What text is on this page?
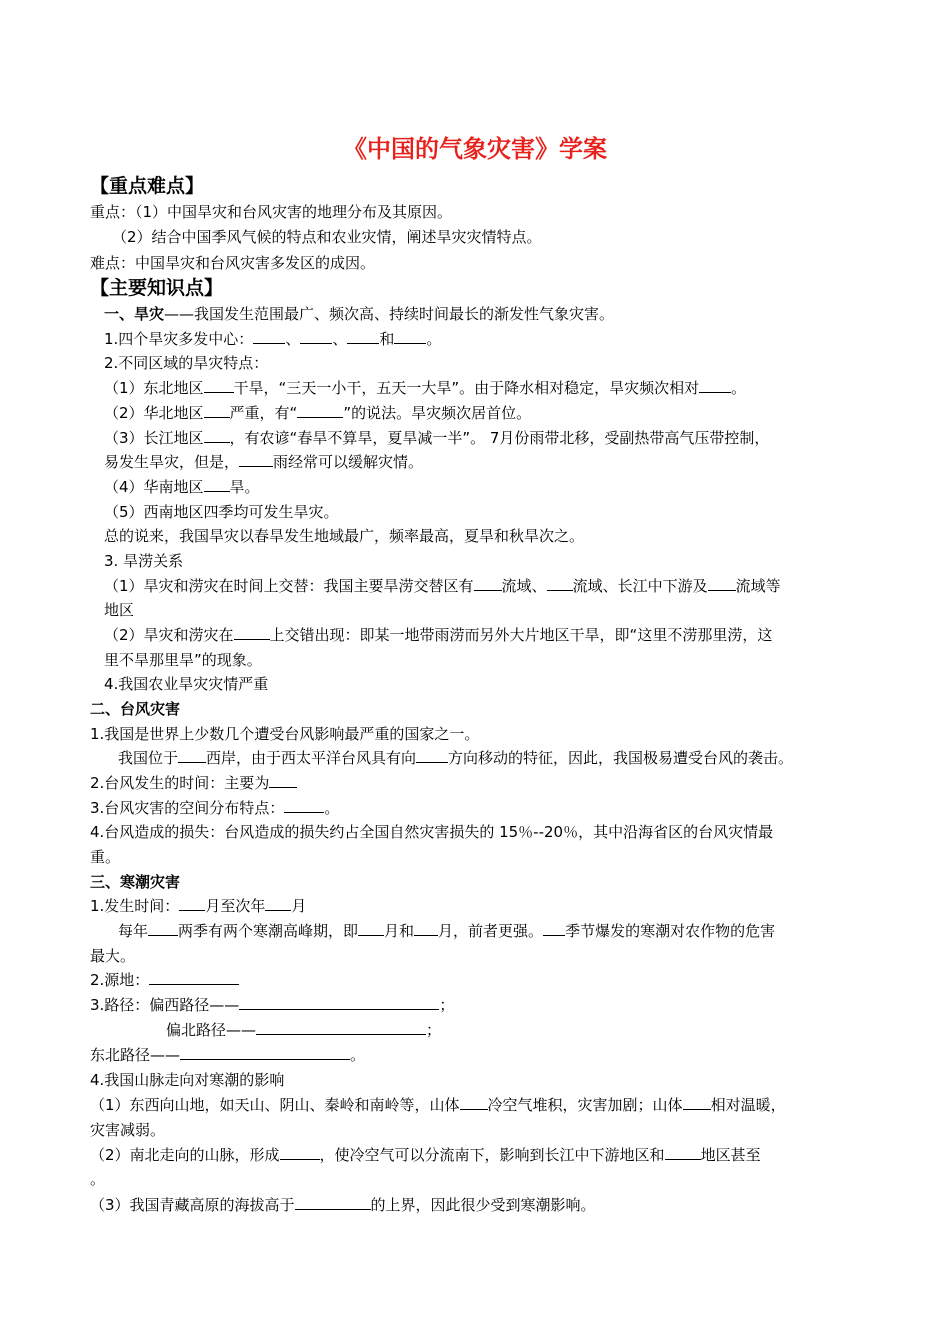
《中国的气象灾害》学案
【重点难点】
重点：（1）中国旱灾和台风灾害的地理分布及其原因。
（2）结合中国季风气候的特点和农业灾情，阐述旱灾灾情特点。
难点：中国旱灾和台风灾害多发区的成因。
【主要知识点】
一、旱灾——我国发生范围最广、频次高、持续时间最长的渐发性气象灾害。
1.四个旱灾多发中心： 、 、 和 。
2.不同区域的旱灾特点：
（1）东北地区 干旱，“三天一小干，五天一大旱”。由于降水相对稳定，旱灾频次相对 。
（2）华北地区 严重，有“	”的说法。旱灾频次居首位。
（3）长江地区 ，有农谚“春旱不算旱，夏旱减一半”。 7月份雨带北移，受副热带高气压带控制，
易发生旱灾，但是， 雨经常可以缓解灾情。
（4）华南地区 旱。
（5）西南地区四季均可发生旱灾。
总的说来，我国旱灾以春旱发生地域最广，频率最高，夏旱和秋旱次之。
3. 旱涝关系
（1）旱灾和涝灾在时间上交替：我国主要旱涝交替区有 流域、 流域、长江中下游及 流域等
地区
（2）旱灾和涝灾在 上交错出现：即某一地带雨涝而另外大片地区干旱，即“这里不涝那里涝，这
里不旱那里旱”的现象。
4.我国农业旱灾灾情严重
二、台风灾害
1.我国是世界上少数几个遭受台风影响最严重的国家之一。
我国位于 西岸，由于西太平洋台风具有向 方向移动的特征，因此，我国极易遭受台风的袭击。
2.台风发生的时间：主要为
3.台风灾害的空间分布特点：	。
4.台风造成的损失：台风造成的损失约占全国自然灾害损失的 15％--20％，其中沿海省区的台风灾情最
重。
三、寒潮灾害
1.发生时间： 月至次年 月
每年 两季有两个寒潮高峰期，即 月和 月，前者更强。 季节爆发的寒潮对农作物的危害
最大。
2.源地：
3.路径：偏西路径——	；
偏北路径——	；
东北路径——	。
4.我国山脉走向对寒潮的影响
（1）东西向山地，如天山、阴山、秦岭和南岭等，山体 冷空气堆积，灾害加剧；山体 相对温暖，
灾害减弱。
（2）南北走向的山脉，形成	，使冷空气可以分流南下，影响到长江中下游地区和 地区甚至
。
（3）我国青藏高原的海拔高于	的上界，因此很少受到寒潮影响。
